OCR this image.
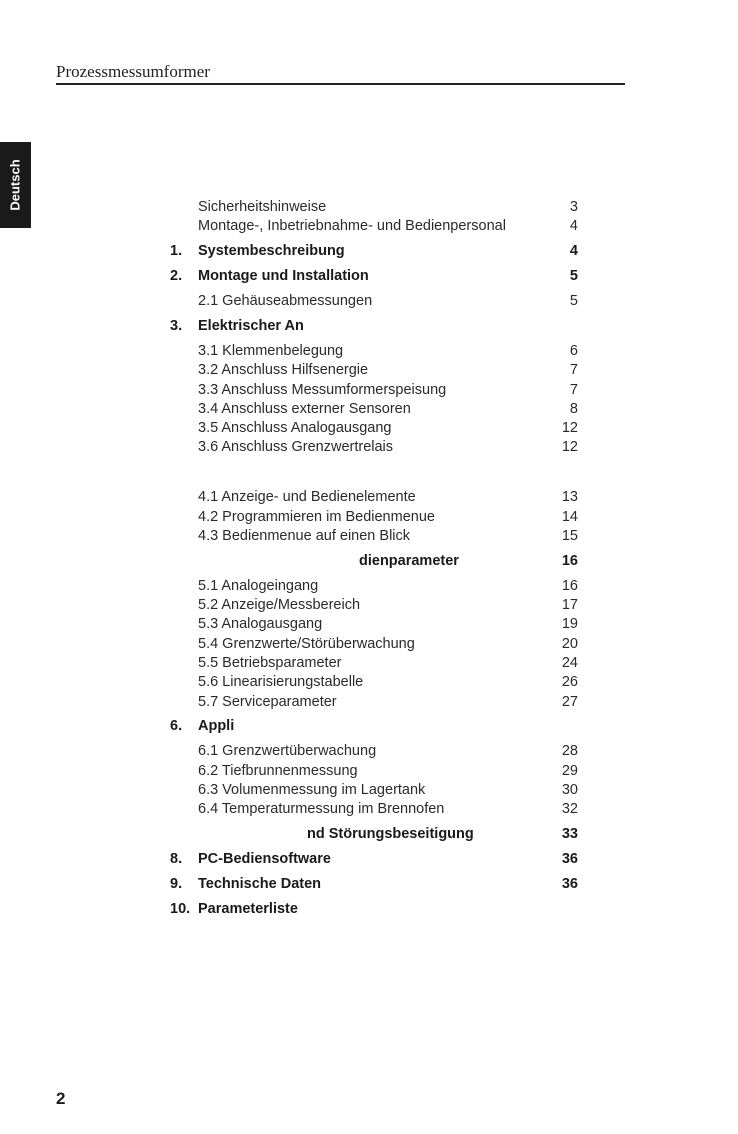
Prozessmessumformer
Deutsch	Sicherheitshinweise	3
Montage-, Inbetriebnahme- und Bedienpersonal	4
1. Systembeschreibung	4
2. Montage und Installation	5
2.1 Gehäuseabmessungen	5
3. Elektrischer An
3.1 Klemmenbelegung	6
3.2 Anschluss Hilfsenergie	7
3.3 Anschluss Messumformerspeisung	7
3.4 Anschluss externer Sensoren	8
3.5 Anschluss Analogausgang	12
3.6 Anschluss Grenzwertrelais	12
4.1 Anzeige- und Bedienelemente	13
4.2 Programmieren im Bedienmenue	14
4.3 Bedienmenue auf einen Blick	15
dienparameter	16
5.1 Analogeingang	16
5.2 Anzeige/Messbereich	17
5.3 Analogausgang	19
5.4 Grenzwerte/Störüberwachung	20
5.5 Betriebsparameter	24
5.6 Linearisierungstabelle	26
5.7 Serviceparameter	27
6. Appli
6.1 Grenzwertüberwachung	28
6.2 Tiefbrunnenmessung	29
6.3 Volumenmessung im Lagertank	30
6.4 Temperaturmessung im Brennofen	32
nd Störungsbeseitigung	33
8. PC-Bediensoftware	36
9. Technische Daten	36
10. Parameterliste
2
